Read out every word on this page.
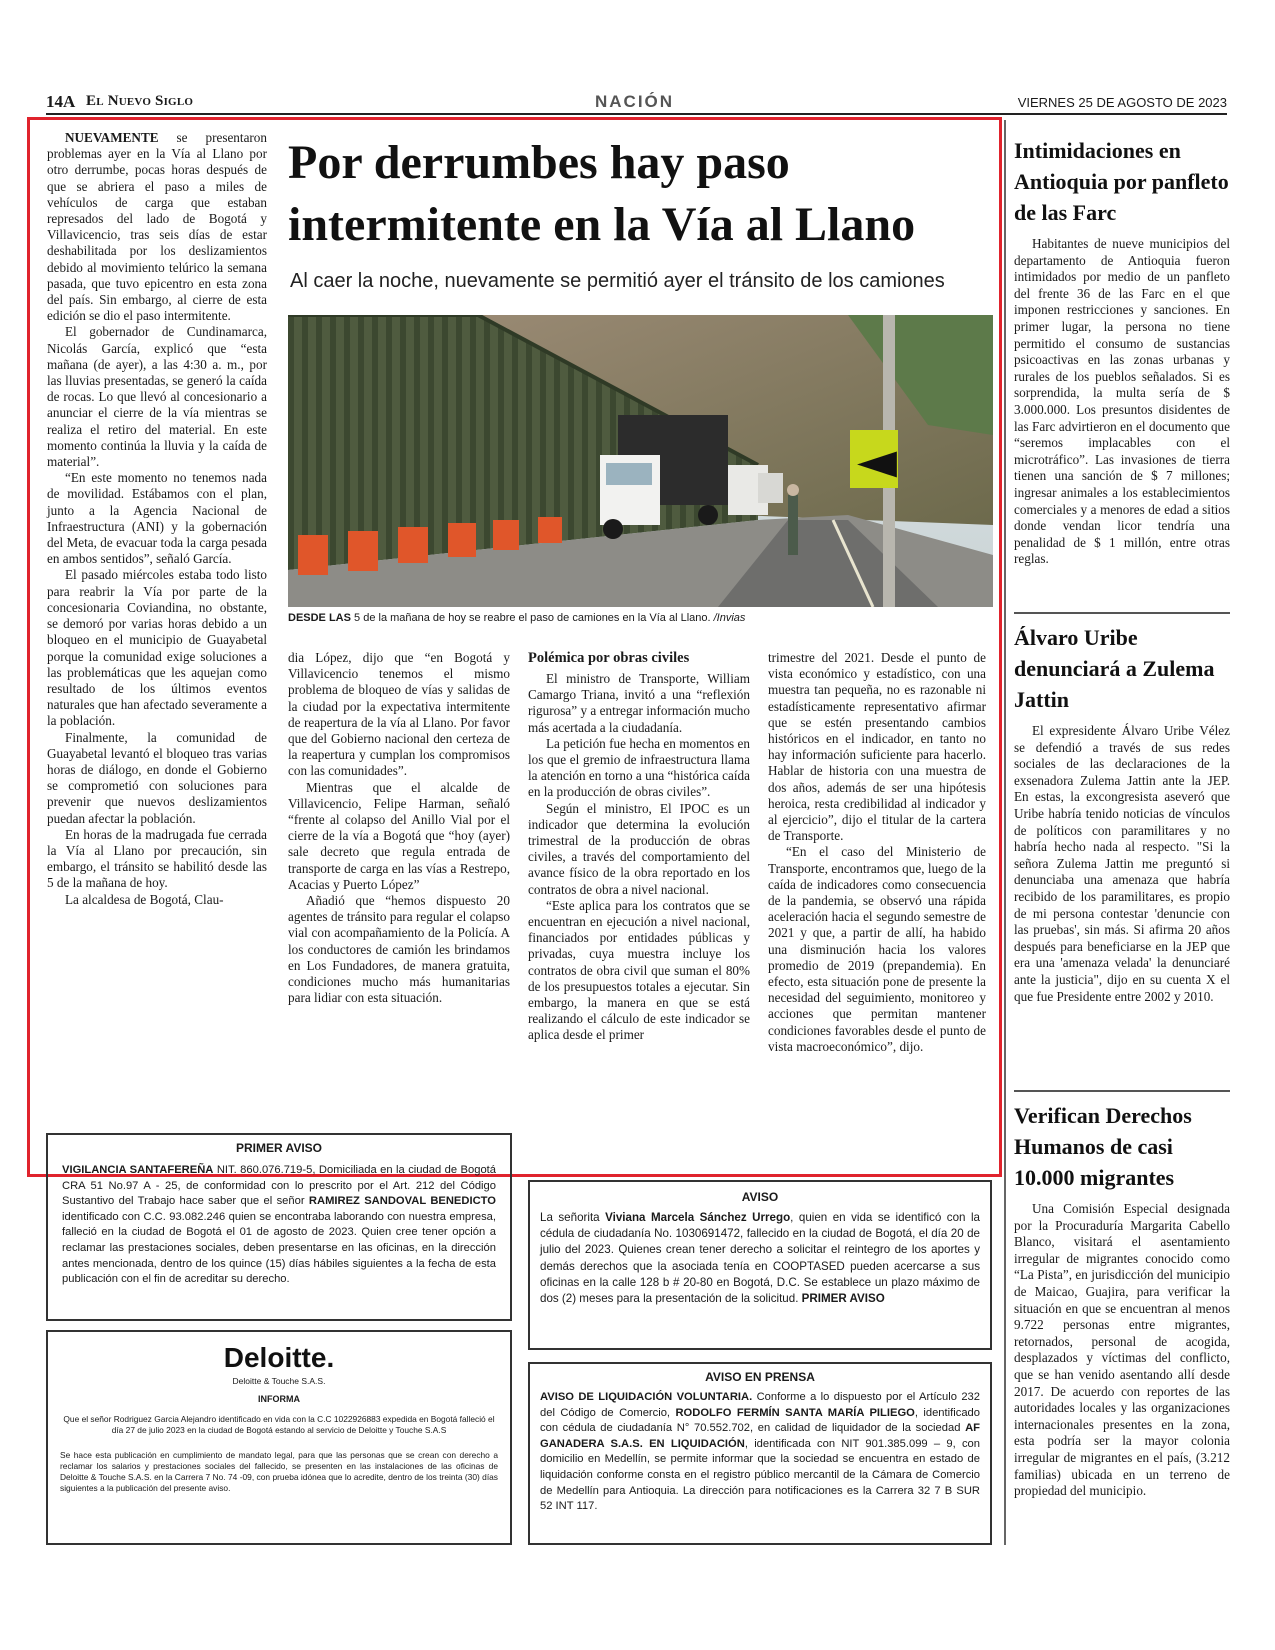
14A El Nuevo Siglo	NACIÓN	VIERNES 25 DE AGOSTO DE 2023

NUEVAMENTE se presentaron problemas ayer en la Vía al Llano por otro derrumbe, pocas horas después de que se abriera el paso a miles de vehículos de carga que estaban represados del lado de Bogotá y Villavicencio, tras seis días de estar deshabilitada por los deslizamientos debido al movimiento telúrico la semana pasada, que tuvo epicentro en esta zona del país. Sin embargo, al cierre de esta edición se dio el paso intermitente.

El gobernador de Cundinamarca, Nicolás García, explicó que “esta mañana (de ayer), a las 4:30 a. m., por las lluvias presentadas, se generó la caída de rocas. Lo que llevó al concesionario a anunciar el cierre de la vía mientras se realiza el retiro del material. En este momento continúa la lluvia y la caída de material”.

“En este momento no tenemos nada de movilidad. Estábamos con el plan, junto a la Agencia Nacional de Infraestructura (ANI) y la gobernación del Meta, de evacuar toda la carga pesada en ambos sentidos”, señaló García.

El pasado miércoles estaba todo listo para reabrir la Vía por parte de la concesionaria Coviandina, no obstante, se demoró por varias horas debido a un bloqueo en el municipio de Guayabetal porque la comunidad exige soluciones a las problemáticas que les aquejan como resultado de los últimos eventos naturales que han afectado severamente a la población.

Finalmente, la comunidad de Guayabetal levantó el bloqueo tras varias horas de diálogo, en donde el Gobierno se comprometió con soluciones para prevenir que nuevos deslizamientos puedan afectar la población.

En horas de la madrugada fue cerrada la Vía al Llano por precaución, sin embargo, el tránsito se habilitó desde las 5 de la mañana de hoy.

La alcaldesa de Bogotá, Clau-

Por derrumbes hay paso intermitente en la Vía al Llano
Al caer la noche, nuevamente se permitió ayer el tránsito de los camiones
◄
DESDE LAS 5 de la mañana de hoy se reabre el paso de camiones en la Vía al Llano. /Invias

dia López, dijo que “en Bogotá y Villavicencio tenemos el mismo problema de bloqueo de vías y salidas de la ciudad por la expectativa intermitente de reapertura de la vía al Llano. Por favor que del Gobierno nacional den certeza de la reapertura y cumplan los compromisos con las comunidades”.

Mientras que el alcalde de Villavicencio, Felipe Harman, señaló “frente al colapso del Anillo Vial por el cierre de la vía a Bogotá que “hoy (ayer) sale decreto que regula entrada de transporte de carga en las vías a Restrepo, Acacias y Puerto López”

Añadió que “hemos dispuesto 20 agentes de tránsito para regular el colapso vial con acompañamiento de la Policía. A los conductores de camión les brindamos en Los Fundadores, de manera gratuita, condiciones mucho más humanitarias para lidiar con esta situación.

Polémica por obras civiles

El ministro de Transporte, William Camargo Triana, invitó a una “reflexión rigurosa” y a entregar información mucho más acertada a la ciudadanía.

La petición fue hecha en momentos en los que el gremio de infraestructura llama la atención en torno a una “histórica caída en la producción de obras civiles”.

Según el ministro, El IPOC es un indicador que determina la evolución trimestral de la producción de obras civiles, a través del comportamiento del avance físico de la obra reportado en los contratos de obra a nivel nacional.

“Este aplica para los contratos que se encuentran en ejecución a nivel nacional, financiados por entidades públicas y privadas, cuya muestra incluye los contratos de obra civil que suman el 80% de los presupuestos totales a ejecutar. Sin embargo, la manera en que se está realizando el cálculo de este indicador se aplica desde el primer

trimestre del 2021. Desde el punto de vista económico y estadístico, con una muestra tan pequeña, no es razonable ni estadísticamente representativo afirmar que se estén presentando cambios históricos en el indicador, en tanto no hay información suficiente para hacerlo. Hablar de historia con una muestra de dos años, además de ser una hipótesis heroica, resta credibilidad al indicador y al ejercicio”, dijo el titular de la cartera de Transporte.

“En el caso del Ministerio de Transporte, encontramos que, luego de la caída de indicadores como consecuencia de la pandemia, se observó una rápida aceleración hacia el segundo semestre de 2021 y que, a partir de allí, ha habido una disminución hacia los valores promedio de 2019 (prepandemia). En efecto, esta situación pone de presente la necesidad del seguimiento, monitoreo y acciones que permitan mantener condiciones favorables desde el punto de vista macroeconómico”, dijo.

Intimidaciones en Antioquia por panfleto de las Farc

Habitantes de nueve municipios del departamento de Antioquia fueron intimidados por medio de un panfleto del frente 36 de las Farc en el que imponen restricciones y sanciones. En primer lugar, la persona no tiene permitido el consumo de sustancias psicoactivas en las zonas urbanas y rurales de los pueblos señalados. Si es sorprendida, la multa sería de $ 3.000.000. Los presuntos disidentes de las Farc advirtieron en el documento que “seremos implacables con el microtráfico”. Las invasiones de tierra tienen una sanción de $ 7 millones; ingresar animales a los establecimientos comerciales y a menores de edad a sitios donde vendan licor tendría una penalidad de $ 1 millón, entre otras reglas.

Álvaro Uribe denunciará a Zulema Jattin

El expresidente Álvaro Uribe Vélez se defendió a través de sus redes sociales de las declaraciones de la exsenadora Zulema Jattin ante la JEP. En estas, la excongresista aseveró que Uribe habría tenido noticias de vínculos de políticos con paramilitares y no habría hecho nada al respecto. "Si la señora Zulema Jattin me preguntó si denunciaba una amenaza que habría recibido de los paramilitares, es propio de mi persona contestar 'denuncie con las pruebas', sin más. Si afirma 20 años después para beneficiarse en la JEP que era una 'amenaza velada' la denunciaré ante la justicia", dijo en su cuenta X el que fue Presidente entre 2002 y 2010.

Verifican Derechos Humanos de casi 10.000 migrantes

Una Comisión Especial designada por la Procuraduría Margarita Cabello Blanco, visitará el asentamiento irregular de migrantes conocido como “La Pista”, en jurisdicción del municipio de Maicao, Guajira, para verificar la situación en que se encuentran al menos 9.722 personas entre migrantes, retornados, personal de acogida, desplazados y víctimas del conflicto, que se han venido asentando allí desde 2017. De acuerdo con reportes de las autoridades locales y las organizaciones internacionales presentes en la zona, esta podría ser la mayor colonia irregular de migrantes en el país, (3.212 familias) ubicada en un terreno de propiedad del municipio.

PRIMER AVISO
VIGILANCIA SANTAFEREÑA NIT. 860.076.719-5, Domiciliada en la ciudad de Bogotá CRA 51 No.97 A - 25, de conformidad con lo prescrito por el Art. 212 del Código Sustantivo del Trabajo hace saber que el señor RAMIREZ SANDOVAL BENEDICTO identificado con C.C. 93.082.246 quien se encontraba laborando con nuestra empresa, falleció en la ciudad de Bogotá el 01 de agosto de 2023. Quien cree tener opción a reclamar las prestaciones sociales, deben presentarse en las oficinas, en la dirección antes mencionada, dentro de los quince (15) días hábiles siguientes a la fecha de esta publicación con el fin de acreditar su derecho.
Deloitte.
Deloitte & Touche S.A.S.
INFORMA
Que el señor Rodriguez Garcia Alejandro identificado en vida con la C.C 1022926883 expedida en Bogotá falleció el día 27 de julio 2023 en la ciudad de Bogotá estando al servicio de Deloitte y Touche S.A.S
Se hace esta publicación en cumplimiento de mandato legal, para que las personas que se crean con derecho a reclamar los salarios y prestaciones sociales del fallecido, se presenten en las instalaciones de las oficinas de Deloitte & Touche S.A.S. en la Carrera 7 No. 74 -09, con prueba idónea que lo acredite, dentro de los treinta (30) días siguientes a la publicación del presente aviso.
AVISO
La señorita Viviana Marcela Sánchez Urrego, quien en vida se identificó con la cédula de ciudadanía No. 1030691472, fallecido en la ciudad de Bogotá, el día 20 de julio del 2023. Quienes crean tener derecho a solicitar el reintegro de los aportes y demás derechos que la asociada tenía en COOPTASED pueden acercarse a sus oficinas en la calle 128 b # 20-80 en Bogotá, D.C. Se establece un plazo máximo de dos (2) meses para la presentación de la solicitud. PRIMER AVISO
AVISO EN PRENSA
AVISO DE LIQUIDACIÓN VOLUNTARIA. Conforme a lo dispuesto por el Artículo 232 del Código de Comercio, RODOLFO FERMÍN SANTA MARÍA PILIEGO, identificado con cédula de ciudadanía N° 70.552.702, en calidad de liquidador de la sociedad AF GANADERA S.A.S. EN LIQUIDACIÓN, identificada con NIT 901.385.099 – 9, con domicilio en Medellín, se permite informar que la sociedad se encuentra en estado de liquidación conforme consta en el registro público mercantil de la Cámara de Comercio de Medellín para Antioquia. La dirección para notificaciones es la Carrera 32 7 B SUR 52 INT 117.
